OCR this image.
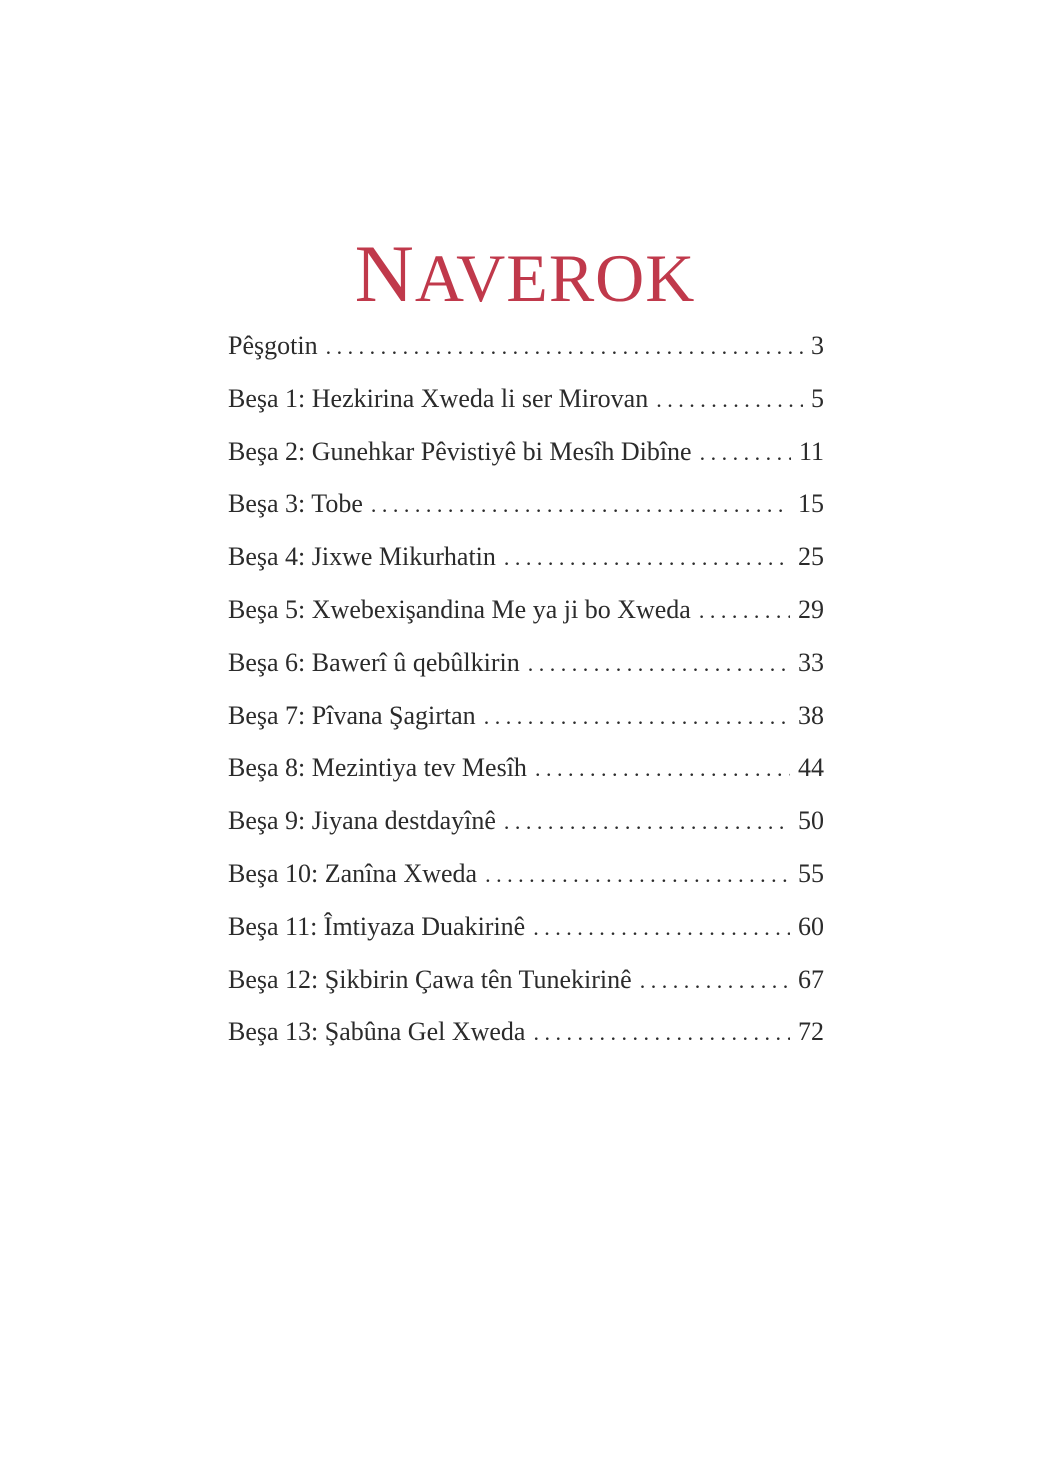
NAVEROK
Pêşgotin . . .	3
Beşa 1: Hezkirina Xweda li ser Mirovan . . .	5
Beşa 2: Gunehkar Pêvistiyê bi Mesîh Dibîne . . .	11
Beşa 3: Tobe . . .	15
Beşa 4: Jixwe Mikurhatin . . .	25
Beşa 5: Xwebexişandina Me ya ji bo Xweda . . .	29
Beşa 6: Bawerî û qebûlkirin . . .	33
Beşa 7: Pîvana Şagirtan . . .	38
Beşa 8: Mezintiya tev Mesîh . . .	44
Beşa 9: Jiyana destdayînê . . .	50
Beşa 10: Zanîna Xweda . . .	55
Beşa 11: Îmtiyaza Duakirinê . . .	60
Beşa 12: Şikbirin Çawa tên Tunekirinê . . .	67
Beşa 13: Şabûna Gel Xweda . . .	72
